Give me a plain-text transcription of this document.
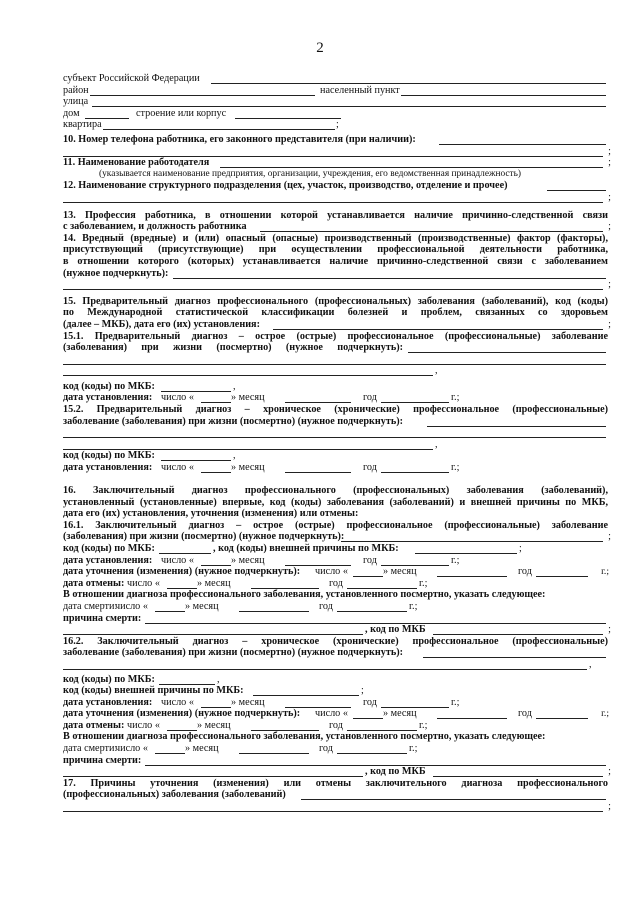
2
субъект Российской Федерации
район	населенный пункт
улица
дом	строение или корпус
квартира	;
10. Номер телефона работника, его законного представителя (при наличии):
;
11. Наименование работодателя	;
(указывается наименование предприятия, организации, учреждения, его ведомственная принадлежность)
12. Наименование структурного подразделения (цех, участок, производство, отделение и прочее)
;
13. Профессия работника, в отношении которой устанавливается наличие причинно-следственной связи
с заболеванием, и должность работника	;
14. Вредный (вредные) и (или) опасный (опасные) производственный (производственные) фактор (факторы),
присутствующий (присутствующие) при осуществлении профессиональной деятельности работника,
в отношении которого (которых) устанавливается наличие причинно-следственной связи с заболеванием
(нужное подчеркнуть):
;
15. Предварительный диагноз профессионального (профессиональных) заболевания (заболеваний), код (коды)
по Международной статистической классификации болезней и проблем, связанных со здоровьем
(далее – МКБ), дата его (их) установления:	;
15.1. Предварительный диагноз – острое (острые) профессиональное (профессиональные) заболевание
(заболевания) при жизни (посмертно) (нужное подчеркнуть):
,
код (коды) по МКБ:	,
дата установления: число «	» месяц	год	г.;
15.2. Предварительный диагноз – хроническое (хронические) профессиональное (профессиональные)
заболевание (заболевания) при жизни (посмертно) (нужное подчеркнуть):
,
код (коды) по МКБ:	,
дата установления: число «	» месяц	год	г.;
16. Заключительный диагноз профессионального (профессиональных) заболевания (заболеваний),
установленный (установленные) впервые, код (коды) заболевания (заболеваний) и внешней причины по МКБ,
дата его (их) установления, уточнения (изменения) или отмены:
16.1. Заключительный диагноз – острое (острые) профессиональное (профессиональные) заболевание
(заболевания) при жизни (посмертно) (нужное подчеркнуть):	;
код (коды) по МКБ:	, код (коды) внешней причины по МКБ:	;
дата установления: число «	» месяц	год	г.;
дата уточнения (изменения) (нужное подчеркнуть): число «	» месяц	год	г.;
дата отмены: число «	» месяц	год	г.;
В отношении диагноза профессионального заболевания, установленного посмертно, указать следующее:
дата смерти:
число «	» месяц	год	г.;
причина смерти:
, код по МКБ	;
16.2. Заключительный диагноз – хроническое (хронические) профессиональное (профессиональные)
заболевание (заболевания) при жизни (посмертно) (нужное подчеркнуть):
,
код (коды) по МКБ:	,
код (коды) внешней причины по МКБ:	;
дата установления: число «	» месяц	год	г.;
дата уточнения (изменения) (нужное подчеркнуть): число «	» месяц	год	г.;
дата отмены: число «	» месяц	год	г.;
В отношении диагноза профессионального заболевания, установленного посмертно, указать следующее:
дата смерти:
число «	» месяц	год	г.;
причина смерти:
, код по МКБ	;
17. Причины уточнения (изменения) или отмены заключительного диагноза профессионального
(профессиональных) заболевания (заболеваний)
;
